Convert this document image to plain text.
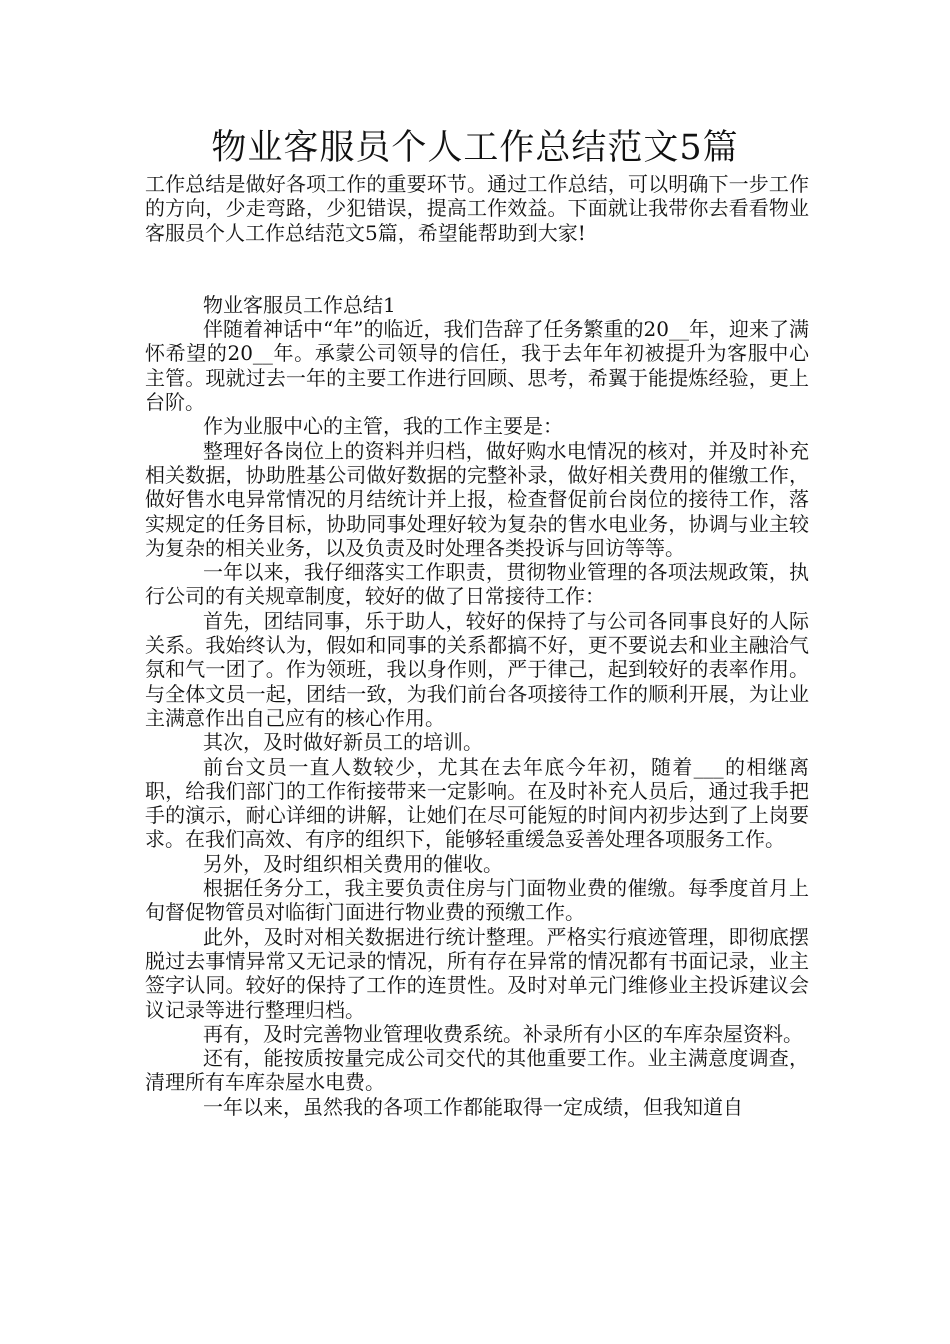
物业客服员个人工作总结范文5篇

工作总结是做好各项工作的重要环节。通过工作总结，可以明确下一步工作的方向，少走弯路，少犯错误，提高工作效益。下面就让我带你去看看物业客服员个人工作总结范文5篇，希望能帮助到大家!

物业客服员工作总结1

伴随着神话中“年”的临近，我们告辞了任务繁重的20__年，迎来了满怀希望的20__年。承蒙公司领导的信任，我于去年年初被提升为客服中心主管。现就过去一年的主要工作进行回顾、思考，希翼于能提炼经验，更上台阶。

作为业服中心的主管，我的工作主要是：

整理好各岗位上的资料并归档，做好购水电情况的核对，并及时补充相关数据，协助胜基公司做好数据的完整补录，做好相关费用的催缴工作，做好售水电异常情况的月结统计并上报，检查督促前台岗位的接待工作，落实规定的任务目标，协助同事处理好较为复杂的售水电业务，协调与业主较为复杂的相关业务，以及负责及时处理各类投诉与回访等等。

一年以来，我仔细落实工作职责，贯彻物业管理的各项法规政策，执行公司的有关规章制度，较好的做了日常接待工作：

首先，团结同事，乐于助人，较好的保持了与公司各同事良好的人际关系。我始终认为，假如和同事的关系都搞不好，更不要说去和业主融洽气氛和气一团了。作为领班，我以身作则，严于律己，起到较好的表率作用。与全体文员一起，团结一致，为我们前台各项接待工作的顺利开展，为让业主满意作出自己应有的核心作用。

其次，及时做好新员工的培训。

前台文员一直人数较少，尤其在去年底今年初，随着___的相继离职，给我们部门的工作衔接带来一定影响。在及时补充人员后，通过我手把手的演示，耐心详细的讲解，让她们在尽可能短的时间内初步达到了上岗要求。在我们高效、有序的组织下，能够轻重缓急妥善处理各项服务工作。

另外，及时组织相关费用的催收。

根据任务分工，我主要负责住房与门面物业费的催缴。每季度首月上旬督促物管员对临街门面进行物业费的预缴工作。

此外，及时对相关数据进行统计整理。严格实行痕迹管理，即彻底摆脱过去事情异常又无记录的情况，所有存在异常的情况都有书面记录，业主签字认同。较好的保持了工作的连贯性。及时对单元门维修业主投诉建议会议记录等进行整理归档。

再有，及时完善物业管理收费系统。补录所有小区的车库杂屋资料。

还有，能按质按量完成公司交代的其他重要工作。业主满意度调查，清理所有车库杂屋水电费。

一年以来，虽然我的各项工作都能取得一定成绩，但我知道自
